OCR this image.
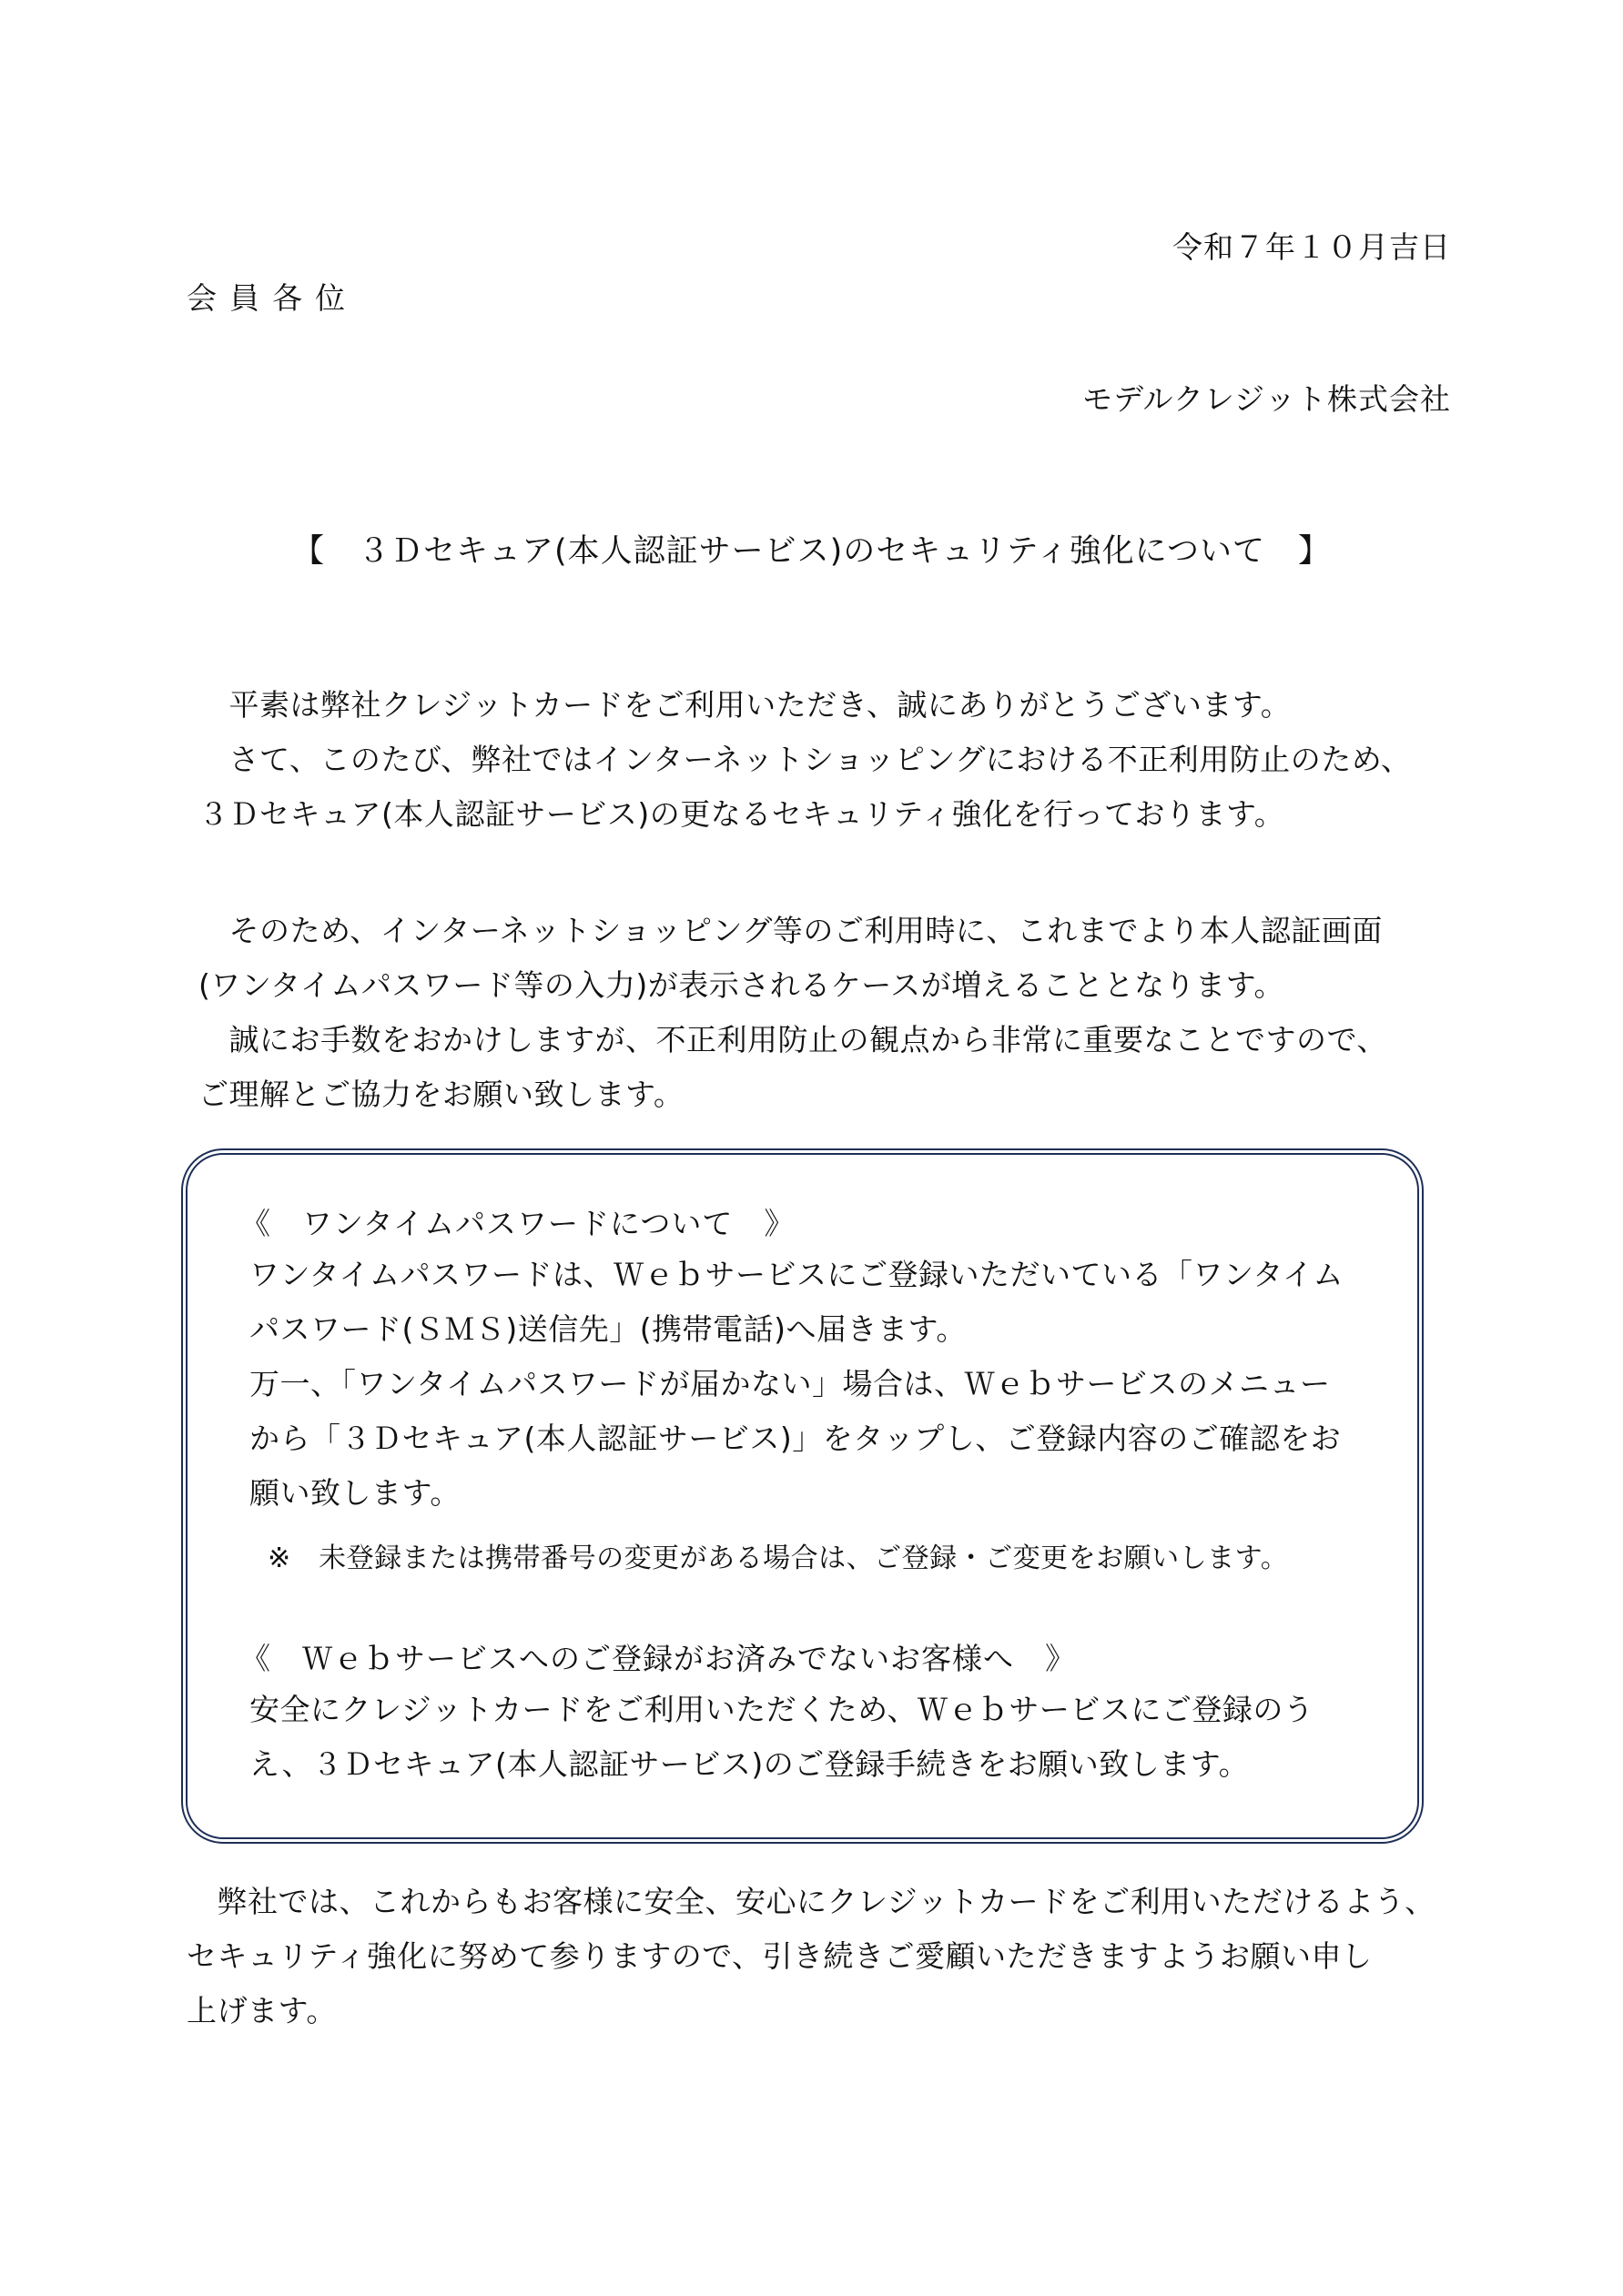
令和７年１０月吉日
会員各位
モデルクレジット株式会社
【　３Ｄセキュア(本人認証サービス)のセキュリティ強化について　】
　平素は弊社クレジットカードをご利用いただき、誠にありがとうございます。
　さて、このたび、弊社ではインターネットショッピングにおける不正利用防止のため、
３Ｄセキュア(本人認証サービス)の更なるセキュリティ強化を行っております。
　そのため、インターネットショッピング等のご利用時に、これまでより本人認証画面
(ワンタイムパスワード等の入力)が表示されるケースが増えることとなります。
　誠にお手数をおかけしますが、不正利用防止の観点から非常に重要なことですので、
ご理解とご協力をお願い致します。
《　ワンタイムパスワードについて　》
ワンタイムパスワードは、Ｗｅｂサービスにご登録いただいている「ワンタイム
パスワード(ＳＭＳ)送信先」(携帯電話)へ届きます。
万一、「ワンタイムパスワードが届かない」場合は、Ｗｅｂサービスのメニュー
から「３Ｄセキュア(本人認証サービス)」をタップし、ご登録内容のご確認をお
願い致します。
※　未登録または携帯番号の変更がある場合は、ご登録・ご変更をお願いします。
《　Ｗｅｂサービスへのご登録がお済みでないお客様へ　》
安全にクレジットカードをご利用いただくため、Ｗｅｂサービスにご登録のう
え、３Ｄセキュア(本人認証サービス)のご登録手続きをお願い致します。
　弊社では、これからもお客様に安全、安心にクレジットカードをご利用いただけるよう、
セキュリティ強化に努めて参りますので、引き続きご愛顧いただきますようお願い申し
上げます。
